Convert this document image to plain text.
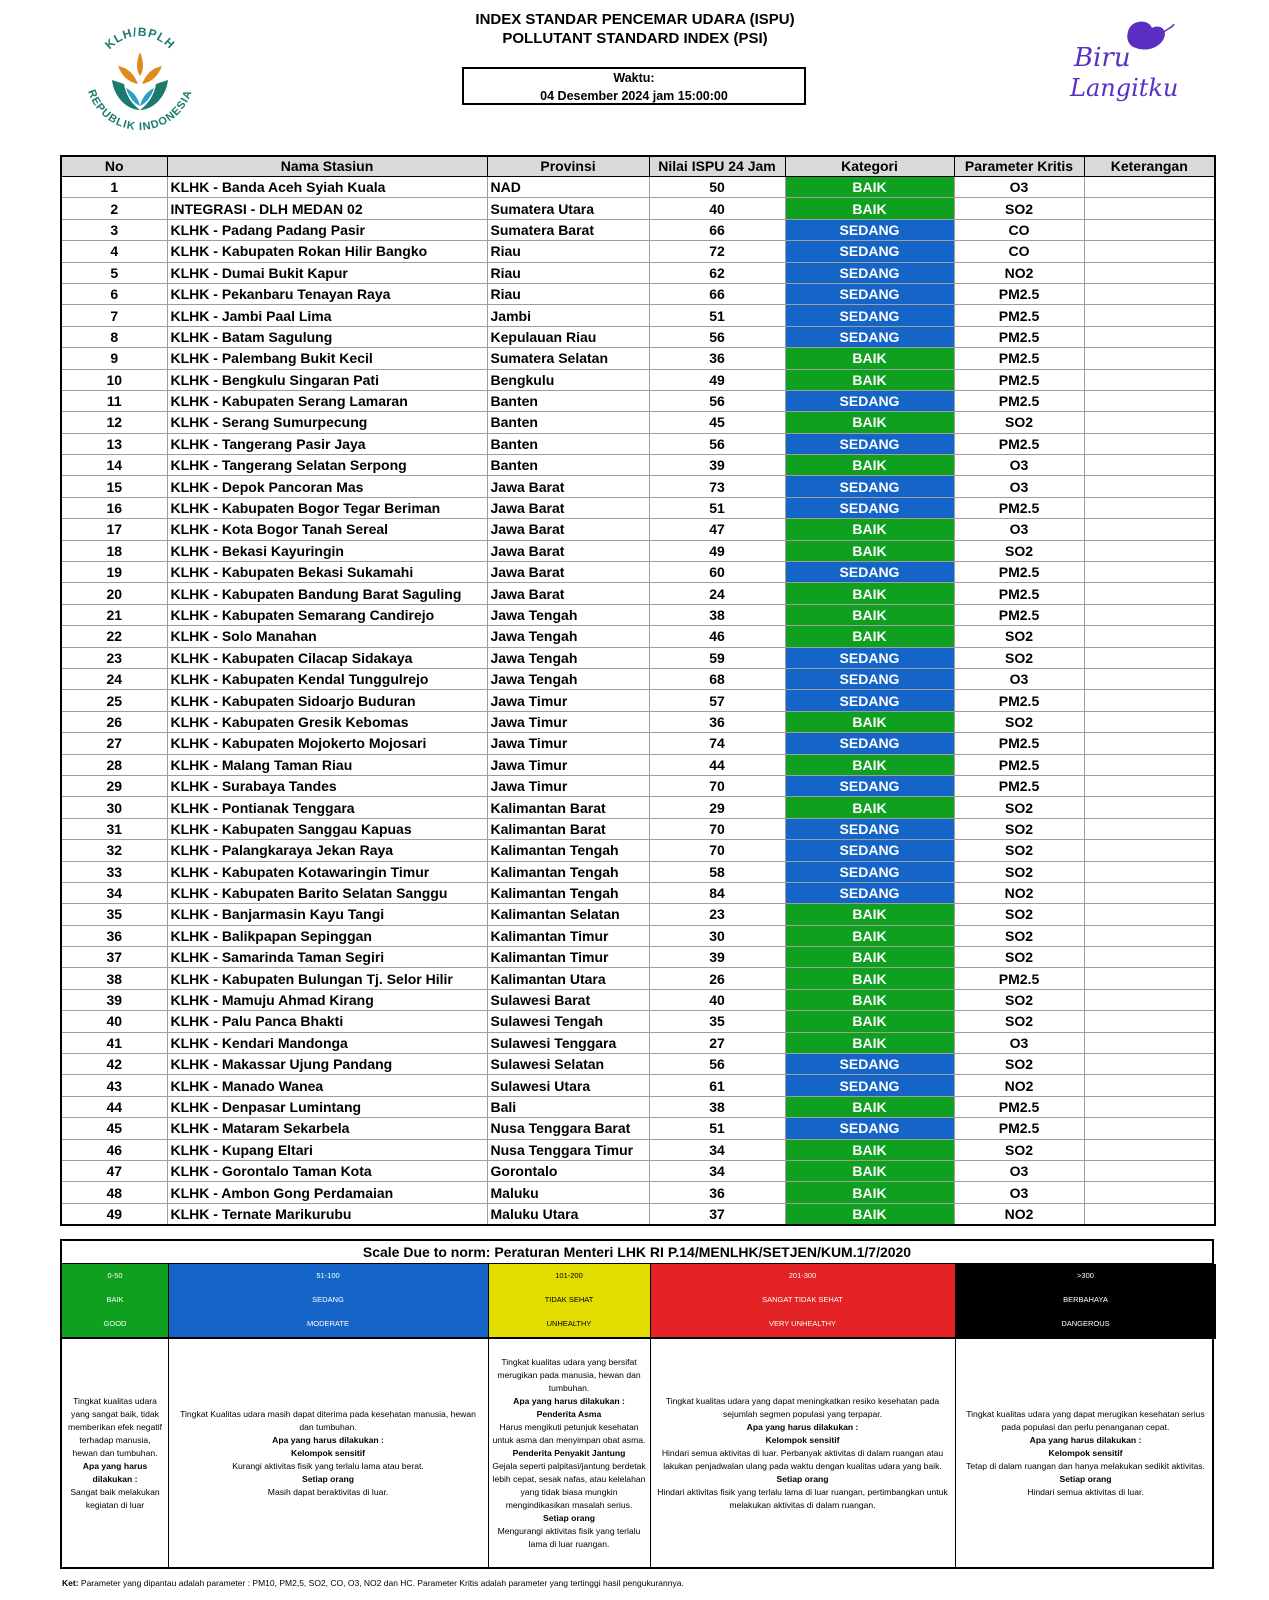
KLH/BPLH
REPUBLIK INDONESIA
INDEX STANDAR PENCEMAR UDARA (ISPU)
POLLUTANT STANDARD INDEX (PSI)
Waktu:
04 Desember 2024 jam 15:00:00
Biru
Langitku
No	Nama Stasiun	Provinsi	Nilai ISPU 24 Jam	Kategori	Parameter Kritis	Keterangan
1	KLHK - Banda Aceh Syiah Kuala	NAD	50	BAIK	O3	
2	INTEGRASI - DLH MEDAN 02	Sumatera Utara	40	BAIK	SO2	
3	KLHK - Padang Padang Pasir	Sumatera Barat	66	SEDANG	CO	
4	KLHK - Kabupaten Rokan Hilir Bangko	Riau	72	SEDANG	CO	
5	KLHK - Dumai Bukit Kapur	Riau	62	SEDANG	NO2	
6	KLHK - Pekanbaru Tenayan Raya	Riau	66	SEDANG	PM2.5	
7	KLHK - Jambi Paal Lima	Jambi	51	SEDANG	PM2.5	
8	KLHK - Batam Sagulung	Kepulauan Riau	56	SEDANG	PM2.5	
9	KLHK - Palembang Bukit Kecil	Sumatera Selatan	36	BAIK	PM2.5	
10	KLHK - Bengkulu Singaran Pati	Bengkulu	49	BAIK	PM2.5	
11	KLHK - Kabupaten Serang Lamaran	Banten	56	SEDANG	PM2.5	
12	KLHK - Serang Sumurpecung	Banten	45	BAIK	SO2	
13	KLHK - Tangerang Pasir Jaya	Banten	56	SEDANG	PM2.5	
14	KLHK - Tangerang Selatan Serpong	Banten	39	BAIK	O3	
15	KLHK - Depok Pancoran Mas	Jawa Barat	73	SEDANG	O3	
16	KLHK - Kabupaten Bogor Tegar Beriman	Jawa Barat	51	SEDANG	PM2.5	
17	KLHK - Kota Bogor Tanah Sereal	Jawa Barat	47	BAIK	O3	
18	KLHK - Bekasi Kayuringin	Jawa Barat	49	BAIK	SO2	
19	KLHK - Kabupaten Bekasi Sukamahi	Jawa Barat	60	SEDANG	PM2.5	
20	KLHK - Kabupaten Bandung Barat Saguling	Jawa Barat	24	BAIK	PM2.5	
21	KLHK - Kabupaten Semarang Candirejo	Jawa Tengah	38	BAIK	PM2.5	
22	KLHK - Solo Manahan	Jawa Tengah	46	BAIK	SO2	
23	KLHK - Kabupaten Cilacap Sidakaya	Jawa Tengah	59	SEDANG	SO2	
24	KLHK - Kabupaten Kendal Tunggulrejo	Jawa Tengah	68	SEDANG	O3	
25	KLHK - Kabupaten Sidoarjo Buduran	Jawa Timur	57	SEDANG	PM2.5	
26	KLHK - Kabupaten Gresik Kebomas	Jawa Timur	36	BAIK	SO2	
27	KLHK - Kabupaten Mojokerto Mojosari	Jawa Timur	74	SEDANG	PM2.5	
28	KLHK - Malang Taman Riau	Jawa Timur	44	BAIK	PM2.5	
29	KLHK - Surabaya Tandes	Jawa Timur	70	SEDANG	PM2.5	
30	KLHK - Pontianak Tenggara	Kalimantan Barat	29	BAIK	SO2	
31	KLHK - Kabupaten Sanggau Kapuas	Kalimantan Barat	70	SEDANG	SO2	
32	KLHK - Palangkaraya Jekan Raya	Kalimantan Tengah	70	SEDANG	SO2	
33	KLHK - Kabupaten Kotawaringin Timur	Kalimantan Tengah	58	SEDANG	SO2	
34	KLHK - Kabupaten Barito Selatan Sanggu	Kalimantan Tengah	84	SEDANG	NO2	
35	KLHK - Banjarmasin Kayu Tangi	Kalimantan Selatan	23	BAIK	SO2	
36	KLHK - Balikpapan Sepinggan	Kalimantan Timur	30	BAIK	SO2	
37	KLHK - Samarinda Taman Segiri	Kalimantan Timur	39	BAIK	SO2	
38	KLHK - Kabupaten Bulungan Tj. Selor Hilir	Kalimantan Utara	26	BAIK	PM2.5	
39	KLHK - Mamuju Ahmad Kirang	Sulawesi Barat	40	BAIK	SO2	
40	KLHK - Palu Panca Bhakti	Sulawesi Tengah	35	BAIK	SO2	
41	KLHK - Kendari Mandonga	Sulawesi Tenggara	27	BAIK	O3	
42	KLHK - Makassar Ujung Pandang	Sulawesi Selatan	56	SEDANG	SO2	
43	KLHK - Manado Wanea	Sulawesi Utara	61	SEDANG	NO2	
44	KLHK - Denpasar Lumintang	Bali	38	BAIK	PM2.5	
45	KLHK - Mataram Sekarbela	Nusa Tenggara Barat	51	SEDANG	PM2.5	
46	KLHK - Kupang Eltari	Nusa Tenggara Timur	34	BAIK	SO2	
47	KLHK - Gorontalo Taman Kota	Gorontalo	34	BAIK	O3	
48	KLHK - Ambon Gong Perdamaian	Maluku	36	BAIK	O3	
49	KLHK - Ternate Marikurubu	Maluku Utara	37	BAIK	NO2	
Scale Due to norm: Peraturan Menteri LHK RI P.14/MENLHK/SETJEN/KUM.1/7/2020
0-50
BAIK
GOOD
Tingkat kualitas udara yang sangat baik, tidak memberikan efek negatif terhadap manusia, hewan dan tumbuhan.
Apa yang harus dilakukan :
Sangat baik melakukan kegiatan di luar
51-100
SEDANG
MODERATE
Tingkat Kualitas udara masih dapat diterima pada kesehatan manusia, hewan dan tumbuhan.
Apa yang harus dilakukan :
Kelompok sensitif
Kurangi aktivitas fisik yang terlalu lama atau berat.
Setiap orang
Masih dapat beraktivitas di luar.
101-200
TIDAK SEHAT
UNHEALTHY
Tingkat kualitas udara yang bersifat merugikan pada manusia, hewan dan tumbuhan.
Apa yang harus dilakukan :
Penderita Asma
Harus mengikuti petunjuk kesehatan untuk asma dan menyimpan obat asma.
Penderita Penyakit Jantung
Gejala seperti palpitasi/jantung berdetak lebih cepat, sesak nafas, atau kelelahan yang tidak biasa mungkin mengindikasikan masalah serius.
Setiap orang
Mengurangi aktivitas fisik yang terlalu lama di luar ruangan.
201-300
SANGAT TIDAK SEHAT
VERY UNHEALTHY
Tingkat kualitas udara yang dapat meningkatkan resiko kesehatan pada sejumlah segmen populasi yang terpapar.
Apa yang harus dilakukan :
Kelompok sensitif
Hindari semua aktivitas di luar. Perbanyak aktivitas di dalam ruangan atau lakukan penjadwalan ulang pada waktu dengan kualitas udara yang baik.
Setiap orang
Hindari aktivitas fisik yang terlalu lama di luar ruangan, pertimbangkan untuk melakukan aktivitas di dalam ruangan.
>300
BERBAHAYA
DANGEROUS
Tingkat kualitas udara yang dapat merugikan kesehatan serius pada populasi dan perlu penanganan cepat.
Apa yang harus dilakukan :
Kelompok sensitif
Tetap di dalam ruangan dan hanya melakukan sedikit aktivitas.
Setiap orang
Hindari semua aktivitas di luar.
Ket: Parameter yang dipantau adalah parameter : PM10, PM2,5, SO2, CO, O3, NO2 dan HC. Parameter Kritis adalah parameter yang tertinggi hasil pengukurannya.
